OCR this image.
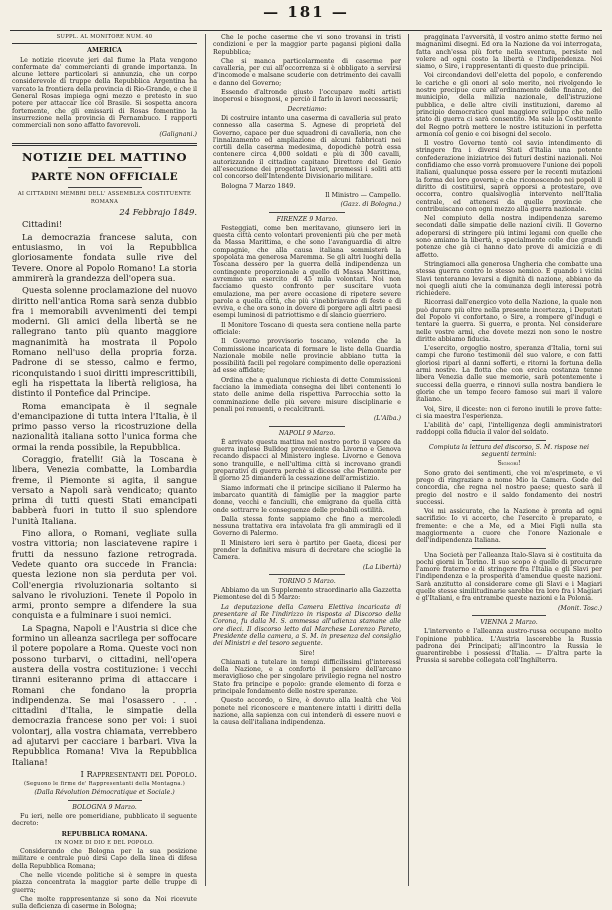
— 181 —

SUPPL. AL MONITORE NUM. 40

AMERICA

Le notizie ricevute jeri dal fiume la Plata vengono confermate da' commercianti di grande importanza. In alcune lettere particolari si annunzia, che un corpo considerevole di truppe della Repubblica Argentina ha varcato la frontiera della provincia di Rio-Grande, e che il General Rosas impiega ogni mezzo e pretesto in suo potere per attaccar lice col Brasile. Si sospetta ancora fortemente, che gli emissarii di Rosas fomentino la insurrezione nella provincia di Pernambuco. I rapporti commerciali non sono affatto favorevoli.

(Galignani.)

NOTIZIE DEL MATTINO

PARTE NON OFFICIALE

AI CITTADINI MEMBRI DELL' ASSEMBLEA COSTITUENTE

ROMANA

24 Febbrajo 1849.

Cittadini!

La democrazia francese saluta, con entusiasmo, in voi la Repubblica gloriosamente fondata sulle rive del Tevere. Onore al Popolo Romano! La storia ammirerà la grandezza dell'opera sua.

Questa solenne proclamazione del nuovo diritto nell'antica Roma sarà senza dubbio fra i memorabili avvenimenti dei tempi moderni. Gli amici della libertà se ne rallegrano tanto più quanto maggiore magnanimità ha mostrata il Popolo Romano nell'uso della propria forza. Padrone di se stesso, calmo e fermo, riconquistando i suoi diritti imprescrittibili, egli ha rispettata la libertà religiosa, ha distinto il Pontefice dal Principe.

Roma emancipata è il segnale d'emancipazione di tutta intera l'Italia, è il primo passo verso la ricostruzione della nazionalità italiana sotto l'unica forma che ormai la renda possibile, la Repubblica.

Coraggio, fratelli! Già la Toscana è libera, Venezia combatte, la Lombardia freme, il Piemonte si agita, il sangue versato a Napoli sarà vendicato; quanto prima di tutti questi Stati emancipati babberà fuori in tutto il suo splendore l'unità Italiana.

Fino allora, o Romani, vegliate sulla vostra vittoria; non lasciatevene rapire i frutti da nessuno fazione retrograda. Vedete quanto ora succede in Francia: questa lezione non sia perduta per voi. Coll'energia rivoluzionaria soltanto si salvano le rivoluzioni. Tenete il Popolo in armi, pronto sempre a difendere la sua conquista e a fulminare i suoi nemici.

La Spagna, Napoli e l'Austria si dice che formino un alleanza sacrilega per soffocare il potere popolare a Roma. Queste voci non possono turbarvi, o cittadini, nell'opera austera della vostra costituzione: i vecchi tiranni esiteranno prima di attaccare i Romani che fondano la propria indipendenza. Se mai l'osassero . . . cittadini d'Italia, le simpatie della democrazia francese sono per voi: i suoi volontarj, alla vostra chiamata, verrebbero ad ajutarvi per cacciare i barbari. Viva la Repubblica Romana! Viva la Repubblica Italiana!

I Rappresentanti del Popolo.

(Seguono le firme de' Rappresentanti della Montagna.)

(Dalla Révolution Démocratique et Sociale.)

BOLOGNA 9 Marzo.

Fu ieri, nelle ore pomeridiane, pubblicato il seguente decreto:

REPUBBLICA ROMANA.

IN NOME DI DIO E DEL POPOLO.

Considerando che Bologna per la sua posizione militare e centrale può dirsi Capo della linea di difesa della Repubblica Romana;

Che nelle vicende politiche si è sempre in questa piazza concentrata la maggior parte delle truppe di guerra;

Che molte rappresentanze si sono da Noi ricevute sulla deficienza di caserme in Bologna;

Che le poche caserme che vi sono trovansi in tristi condizioni e per la maggior parte pagansi pigioni dalla Repubblica;

Che si manca particolarmente di caserme per cavalleria, per cui all'occorrenza si è obbligato a servirsi d'incomode e malsane scuderie con detrimento dei cavalli e danno del Governo;

Essendo d'altronde giusto l'occupare molti artisti inoperosi e bisognosi, e perciò il farlo in lavori necessarii;

Decretiamo:

Di costruire intanto una caserma di cavalleria sul prato connesso alla caserma S. Agnese di proprietà del Governo, capace per due squadroni di cavalleria, non che l'innalzamento ed ampliazione di alcuni fabbricati nei cortili della caserma medesima, dopodichè potrà essa contenere circa 4,000 soldati e più di 300 cavalli, autorizzando il cittadino capitano Direttore del Genio all'esecuzione dei progettati lavori, premessi i soliti atti col concorso dell'Intendente Divisionario militare.

Bologna 7 Marzo 1849.

Il Ministro — Campello.

(Gazz. di Bologna.)

FIRENZE 9 Marzo.

Festeggiati, come ben meritavano, giunsero ieri in questa città cento volontari provenienti più che per metà da Massa Marittima, e che sono l'avanguardia di altre compagnie, che alla causa italiana sommisterà la spopolata ma generosa Maremma. Se gli altri luoghi della Toscana dessero per la guerra della indipendenza un contingente proporzionale a quello di Massa Marittima, avremmo un esercito di 45 mila volontari. Noi non facciamo questo confronto per suscitare vuota emulazione, ma per avere occasione di ripetere severe parole a quella città, che più s'inebbriavano di feste e di evviva, e che ora sono in dovere di porgere agli altri paesi esempi luminosi di patriottismo e di slancio guerriero.

Il Monitore Toscano di questa sera contiene nella parte officiale:

Il Governo provvisorio toscano, volendo che la Commissione incaricata di formare le liste della Guardia Nazionale mobile nelle provincie abbiano tutta la possibilità facili pel regolare compimento delle operazioni ad esse affidate;

Ordina che a qualunque richiesta di dette Commissioni facciano la immediata consegna dei libri contenenti lo stato delle anime della rispettiva Parrocchia sotto la comminazione delle più severe misure disciplinarie e penali poi renuenti, o recalcitranti.

(L'Alba.)

NAPOLI 9 Marzo.

È arrivato questa mattina nel nostro porto il vapore da guerra inglese Bulldog proveniente da Livorno e Genova recando dispacci al Ministero inglese. Livorno e Genova sono tranquille, e nell'ultima città si incrovano grandi preparativi di guerra perchè si dicesse che Piemonte per il giorno 25 dimanderà la cessazione dell'armistizio.

Siamo informati che il principe siciliano il Palermo ha imbarcato quantità di famiglie per la maggior parte donne, vecchi e fanciulli, che emigrano da quella città onde sottrarre le conseguenze delle probabili ostilità.

Dalla stessa fonte sappiamo che fino a mercoledì nessuna trattativa era intavolata fra gli ammiragli ed il Governo di Palermo.

Il Ministero ieri sera è partito per Gaeta, dicesi per prender la definitiva misura di decretare che scioglie la Camera.

(La Libertà)

TORINO 5 Marzo.

Abbiamo da un Supplemento straordinario alla Gazzetta Piemontese del di 5 Marzo:

La deputazione della Camera Elettiva incaricata di presentare al Re l'indirizzo in risposta al Discorso della Corona, fu dalla M. S. ammessa all'udienza stamane alle ore dieci. Il discorso letto dal Marchese Lorenzo Pareto, Presidente della camera, a S. M. in presenza del consiglio dei Ministri e del tesoro seguente.

Sire!

Chiamati a tutelare in tempi difficilissimi gl'interessi della Nazione, e a conforto il pensiero dell'arcano meraviglioso che per singolare privilegio regna nel nostro Stato fra principe e popolo: grande elemento di forza e principale fondamento delle nostre speranze.

Questo accordo, o Sire, è dovuto alla lealtà che Voi ponete nel riconoscere e mantenere intatti i diritti della nazione, alla sapienza con cui intenderà di essere nuovi e la causa dell'italiana indipendenza.

pragginata l'avversità, il vostro animo stette fermo nei magnanimi disegni. Ed ora la Nazione da voi interrogata, fatta anch'essa più forte nella sventura, persiste nel volere ad ogni costo la libertà e l'indipendenza. Noi siamo, o Sire, i rappresentanti di questo due principii.

Voi circondandovi dell'eletta del popolo, e conferendo le cariche e gli onori al solo merito, noi rivolgendo le nostre precipue cure all'ordinamento delle finanze, del municipio, della milizia nazionale, dell'istruzione pubblica, e delle altre civili instituzioni, daremo al principio democratico quel maggiore sviluppo che nello stato di guerra ci sarà consentito. Ma sale la Costituente del Regno potrà mettere le nostre istituzioni in perfetta armonia col genio e coi bisogni del secolo.

Il vostro Governo tentò col savio intendimento di stringere fra i diversi Stati d'Italia una potente confederazione iniziatrice dei futuri destini nazionali. Noi confidiamo che esso vorrà promuovere l'unione dei popoli italiani, qualunque possa essere per le recenti mutazioni la forma dei loro governi; e che riconoscendo nei popoli il diritto di costituirsi, saprà opporsi a protestare, ove occorra, contro qualsivoglia intervento nell'Italia centrale, ed attenersi da quelle provincie che contribuiscano con ogni mezzo alla guerra nazionale.

Nel compiuto della nostra indipendenza saremo secondati dalle simpatie delle nazioni civili. Il Governo adoperarsi di stringere più intimi legami con quelle che sono amiamo la libertà, e specialmente colle due grandi potenze che già ci hanno dato prove di amicizia e di affetto.

Stringiamoci alla generosa Ungheria che combatte una stessa guerra contro lo stesso nemico. E quando i vicini Slavi tenteranno levarsi a dignità di nazione, abbiano da noi quegli aiuti che la comunanza degli interessi potrà richiedere.

Ricorrasi dall'energico voto della Nazione, la quale non può durare più oltre nella presente incertezza, i Deputati del Popolo vi confortano, o Sire, a rompere gl'indugi e tentare la guerra. Si guerra, e pronta. Nel considerare nelle vostre armi, che dovete mezzi non sono le nostre diritte abbiamo fiducia.

L'esercito, orgoglio nostro, speranza d'Italia, torni sui campi che furono testimonii del suo valore, e con fatti gloriosi riparì al danni sofferti, e ritorni la fortuna della armi nostre. La flotta che con ercica costanza tenne libera Venezia dalle sue memorie, sarà potentemente i successi della guerra, e rinnovi sulla nostra bandiera le glorie che un tempo fecero famoso sui mari il valore italiano.

Voi, Sire, il diceste: non ci ferono inutili le prove fatte: ci sia maestra l'esperienza.

L'abilità de' capi, l'intelligenza degli amministratori raddoppi colla fiducia il valor del soldato.

Compiuta la lettura del discorso, S. M. rispose nei seguenti termini:

Signori!

Sono grato dei sentimenti, che voi m'esprimete, e vi prego di ringraziare a nome Mio la Camera. Gode del concordia, che regna nel nostro paese; questo sarà il pregio del nostro e il saldo fondamento dei nostri successi.

Voi mi assicurate, che la Nazione è pronta ad ogni sacrifizio: Io vi accerto, che l'esercito è preparato, e fremente: e che a Me, ed a Miei Figli nulla sta maggiormente a cuore che l'onore Nazionale e dell'indipendenza Italiana.

Una Società per l'alleanza Italo-Slava si è costituita da pochi giorni in Torino. Il suo scopo è quello di procurare l'amore fraterno e di stringere fra l'Italia e gli Slavi per l'indipendenza e la prosperità d'amendue queste nazioni. Sarà anzitutto al considerare come gli Slavi e i Magiari quelle stesse similitudinarie sarebbe tra loro fra i Magiari e gl'Italiani, e fra entrambe queste nazioni e la Polonia.

(Monit. Tosc.)

VIENNA 2 Marzo.

L'intervento e l'alleanza austro-russa occupano molto l'opinione pubblica. L'Austria lascerebbe la Russia padrona dei Principati; all'incontro la Russia le guarentirebbe i possessi d'Italia. — D'altra parte la Prussia si sarebbe collegata coll'Inghilterra.
